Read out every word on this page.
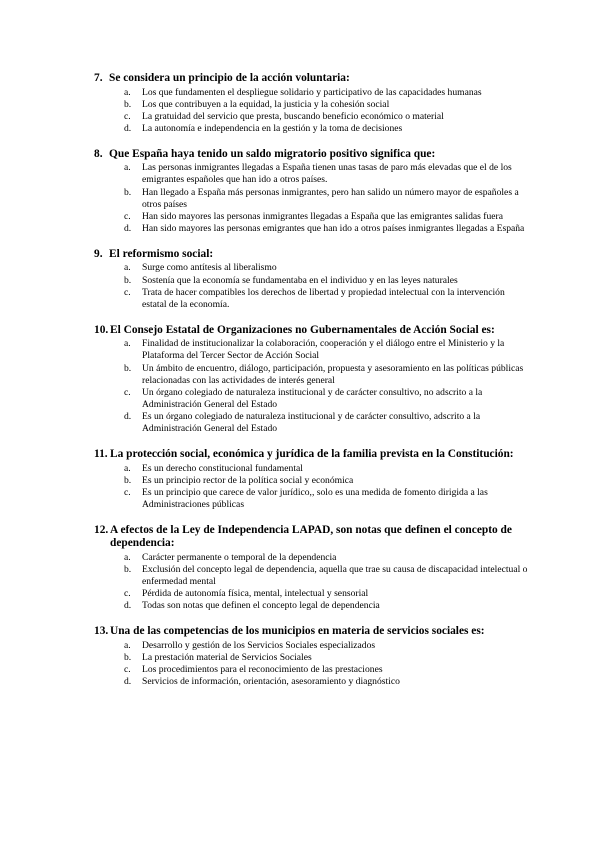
7. Se considera un principio de la acción voluntaria:
a.	Los que fundamenten el despliegue solidario y participativo de las capacidades humanas
b.	Los que contribuyen a la equidad, la justicia y la cohesión social
c.	La gratuidad del servicio que presta, buscando beneficio económico o material
d.	La autonomía e independencia en la gestión y la toma de decisiones
8. Que España haya tenido un saldo migratorio positivo significa que:
a.	Las personas inmigrantes llegadas a España tienen unas tasas de paro más elevadas que el de los emigrantes españoles que han ido a otros países.
b.	Han llegado a España más personas inmigrantes, pero han salido un número mayor de españoles a otros países
c.	Han sido mayores las personas inmigrantes llegadas a España que las emigrantes salidas fuera
d.	Han sido mayores las personas emigrantes que han ido a otros países inmigrantes llegadas a España
9. El reformismo social:
a.	Surge como antítesis al liberalismo
b.	Sostenía que la economía se fundamentaba en el individuo y en las leyes naturales
c.	Trata de hacer compatibles los derechos de libertad y propiedad intelectual con la intervención estatal de la economía.
10. El Consejo Estatal de Organizaciones no Gubernamentales de Acción Social es:
a.	Finalidad de institucionalizar la colaboración, cooperación y el diálogo entre el Ministerio y la Plataforma del Tercer Sector de Acción Social
b.	Un ámbito de encuentro, diálogo, participación, propuesta y asesoramiento en las políticas públicas relacionadas con las actividades de interés general
c.	Un órgano colegiado de naturaleza institucional y de carácter consultivo, no adscrito a la Administración General del Estado
d.	Es un órgano colegiado de naturaleza institucional y de carácter consultivo, adscrito a la Administración General del Estado
11. La protección social, económica y jurídica de la familia prevista en la Constitución:
a.	Es un derecho constitucional fundamental
b.	Es un principio rector de la política social y económica
c.	Es un principio que carece de valor jurídico,, solo es una medida de fomento dirigida a las Administraciones públicas
12. A efectos de la Ley de Independencia LAPAD, son notas que definen el concepto de dependencia:
a.	Carácter permanente o temporal de la dependencia
b.	Exclusión del concepto legal de dependencia, aquella que trae su causa de discapacidad intelectual o enfermedad mental
c.	Pérdida de autonomía física, mental, intelectual y sensorial
d.	Todas son notas que definen el concepto legal de dependencia
13. Una de las competencias de los municipios en materia de servicios sociales es:
a.	Desarrollo y gestión de los Servicios Sociales especializados
b.	La prestación material de Servicios Sociales
c.	Los procedimientos para el reconocimiento de las prestaciones
d.	Servicios de información, orientación, asesoramiento y diagnóstico
